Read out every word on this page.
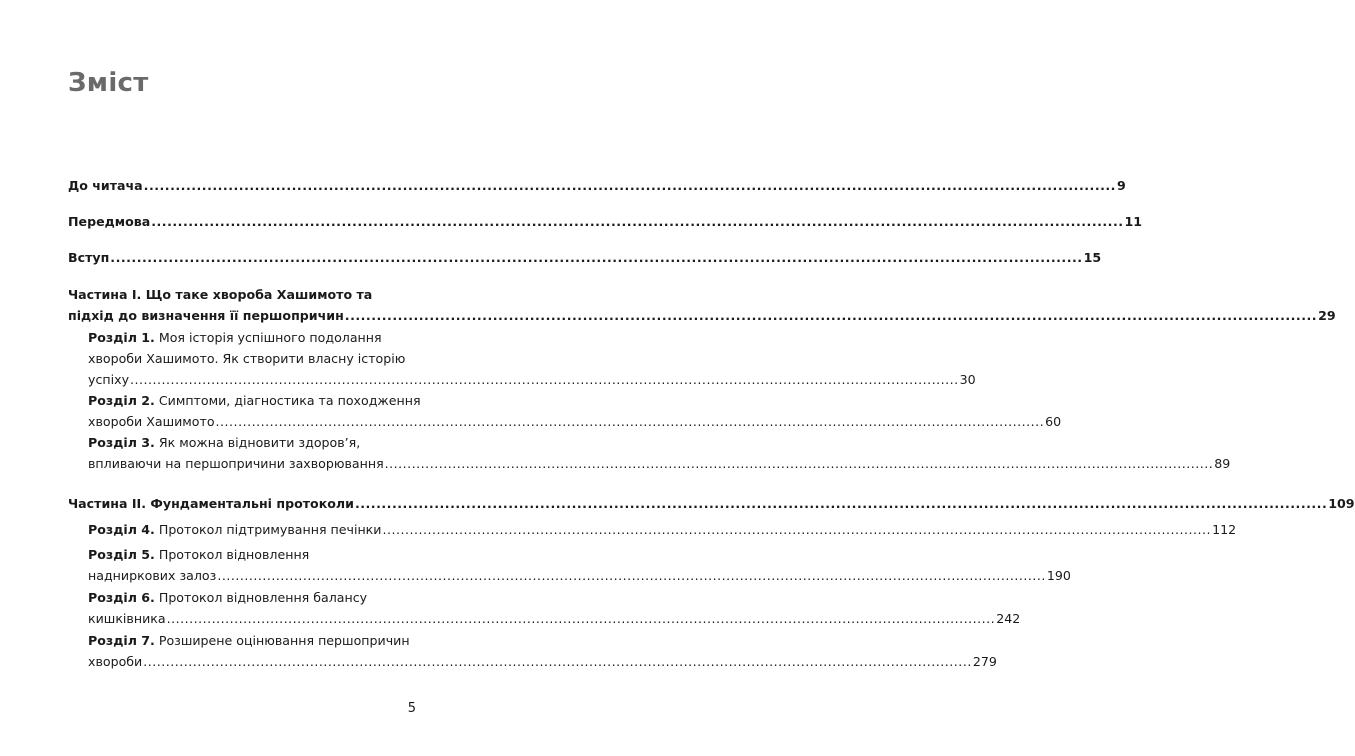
Зміст
До читача .....	9
Передмова .....	11
Вступ .....	15
Частина I. Що таке хвороба Хашимото та
підхід до визначення її першопричин .....	29
Розділ 1. Моя історія успішного подолання
хвороби Хашимото. Як створити власну історію
успіху .....	30
Розділ 2. Симптоми, діагностика та походження
хвороби Хашимото .....	60
Розділ 3. Як можна відновити здоров’я,
впливаючи на першопричини захворювання .....	89
Частина II. Фундаментальні протоколи .....	109
Розділ 4. Протокол підтримування печінки .....	112
Розділ 5. Протокол відновлення
надниркових залоз .....	190
Розділ 6. Протокол відновлення балансу
кишківника .....	242
Розділ 7. Розширене оцінювання першопричин
хвороби .....	279
5
